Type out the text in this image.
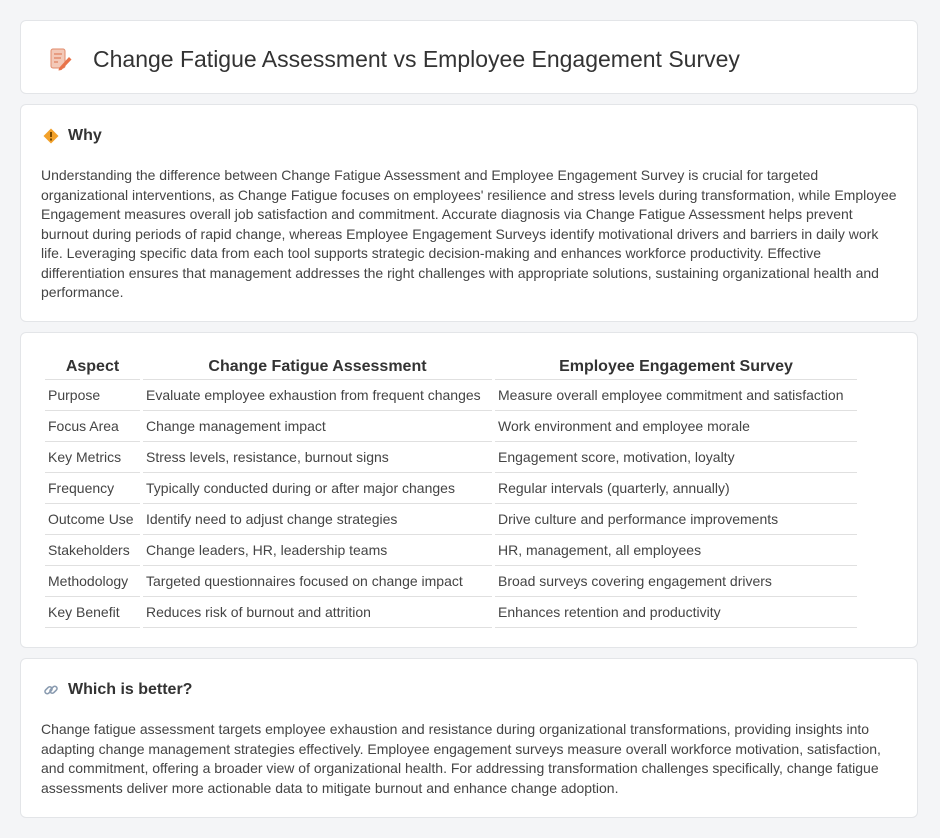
Change Fatigue Assessment vs Employee Engagement Survey
Why

Understanding the difference between Change Fatigue Assessment and Employee Engagement Survey is crucial for targeted organizational interventions, as Change Fatigue focuses on employees' resilience and stress levels during transformation, while Employee Engagement measures overall job satisfaction and commitment. Accurate diagnosis via Change Fatigue Assessment helps prevent burnout during periods of rapid change, whereas Employee Engagement Surveys identify motivational drivers and barriers in daily work life. Leveraging specific data from each tool supports strategic decision-making and enhances workforce productivity. Effective differentiation ensures that management addresses the right challenges with appropriate solutions, sustaining organizational health and performance.

Aspect	Change Fatigue Assessment	Employee Engagement Survey
Purpose	Evaluate employee exhaustion from frequent changes	Measure overall employee commitment and satisfaction
Focus Area	Change management impact	Work environment and employee morale
Key Metrics	Stress levels, resistance, burnout signs	Engagement score, motivation, loyalty
Frequency	Typically conducted during or after major changes	Regular intervals (quarterly, annually)
Outcome Use	Identify need to adjust change strategies	Drive culture and performance improvements
Stakeholders	Change leaders, HR, leadership teams	HR, management, all employees
Methodology	Targeted questionnaires focused on change impact	Broad surveys covering engagement drivers
Key Benefit	Reduces risk of burnout and attrition	Enhances retention and productivity
Which is better?

Change fatigue assessment targets employee exhaustion and resistance during organizational transformations, providing insights into adapting change management strategies effectively. Employee engagement surveys measure overall workforce motivation, satisfaction, and commitment, offering a broader view of organizational health. For addressing transformation challenges specifically, change fatigue assessments deliver more actionable data to mitigate burnout and enhance change adoption.
